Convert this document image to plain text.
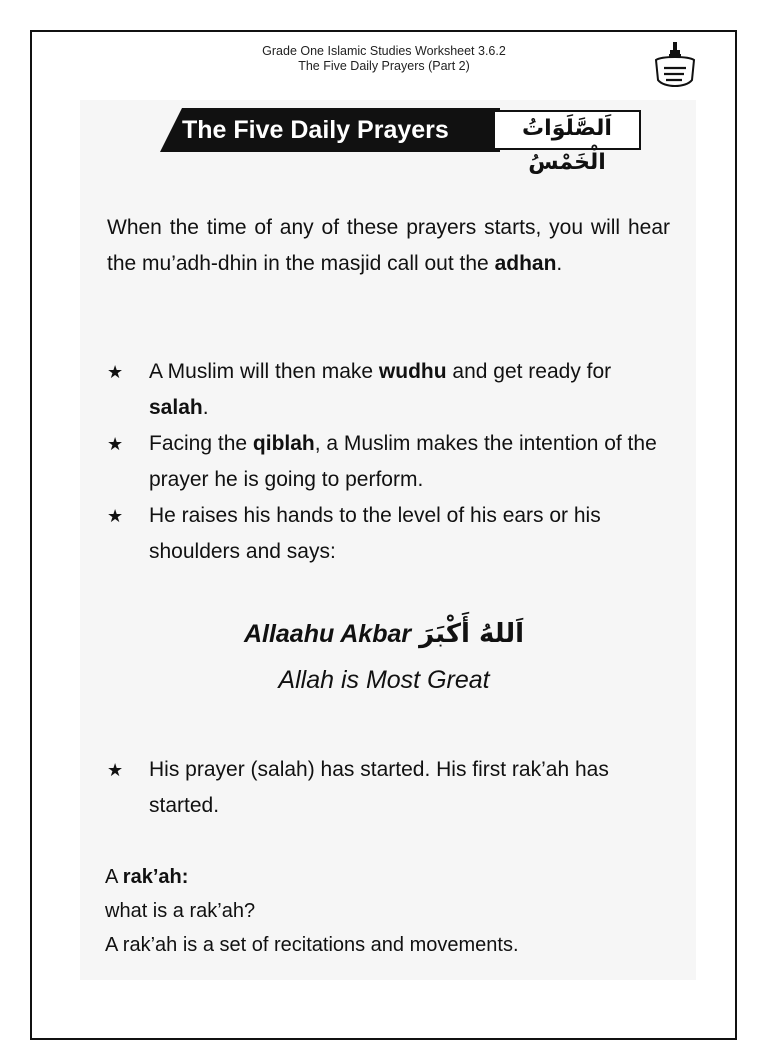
Grade One Islamic Studies Worksheet 3.6.2
The Five Daily Prayers (Part 2)
The Five Daily Prayers	اَلصَّلَوَاتُ الْخَمْسُ
When the time of any of these prayers starts, you will hear the mu’adh-dhin in the masjid call out the adhan.
★ A Muslim will then make wudhu and get ready for salah.
★ Facing the qiblah, a Muslim makes the intention of the prayer he is going to perform.
★ He raises his hands to the level of his ears or his shoulders and says:
Allaahu Akbar اَللهُ أَكْبَرَ
Allah is Most Great
★ His prayer (salah) has started. His first rak’ah has started.
A rak’ah:
what is a rak’ah?
A rak’ah is a set of recitations and movements.
